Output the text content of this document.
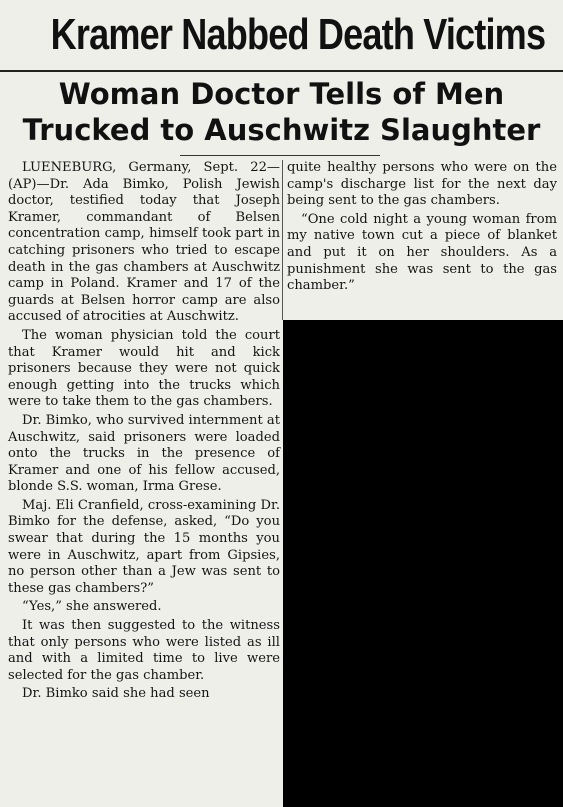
Kramer Nabbed Death Victims
Woman Doctor Tells of Men
Trucked to Auschwitz Slaughter

LUENEBURG, Germany, Sept. 22—(AP)—Dr. Ada Bimko, Polish Jewish doctor, testified today that Joseph Kramer, commandant of Belsen concentration camp, himself took part in catching prisoners who tried to escape death in the gas chambers at Auschwitz camp in Poland. Kramer and 17 of the guards at Belsen horror camp are also accused of atrocities at Auschwitz.

The woman physician told the court that Kramer would hit and kick prisoners because they were not quick enough getting into the trucks which were to take them to the gas chambers.

Dr. Bimko, who survived internment at Auschwitz, said prisoners were loaded onto the trucks in the presence of Kramer and one of his fellow accused, blonde S.S. woman, Irma Grese.

Maj. Eli Cranfield, cross-examining Dr. Bimko for the defense, asked, “Do you swear that during the 15 months you were in Auschwitz, apart from Gipsies, no person other than a Jew was sent to these gas chambers?”

“Yes,” she answered.

It was then suggested to the witness that only persons who were listed as ill and with a limited time to live were selected for the gas chamber.

Dr. Bimko said she had seen

quite healthy persons who were on the camp's discharge list for the next day being sent to the gas chambers.

“One cold night a young woman from my native town cut a piece of blanket and put it on her shoulders. As a punishment she was sent to the gas chamber.”
